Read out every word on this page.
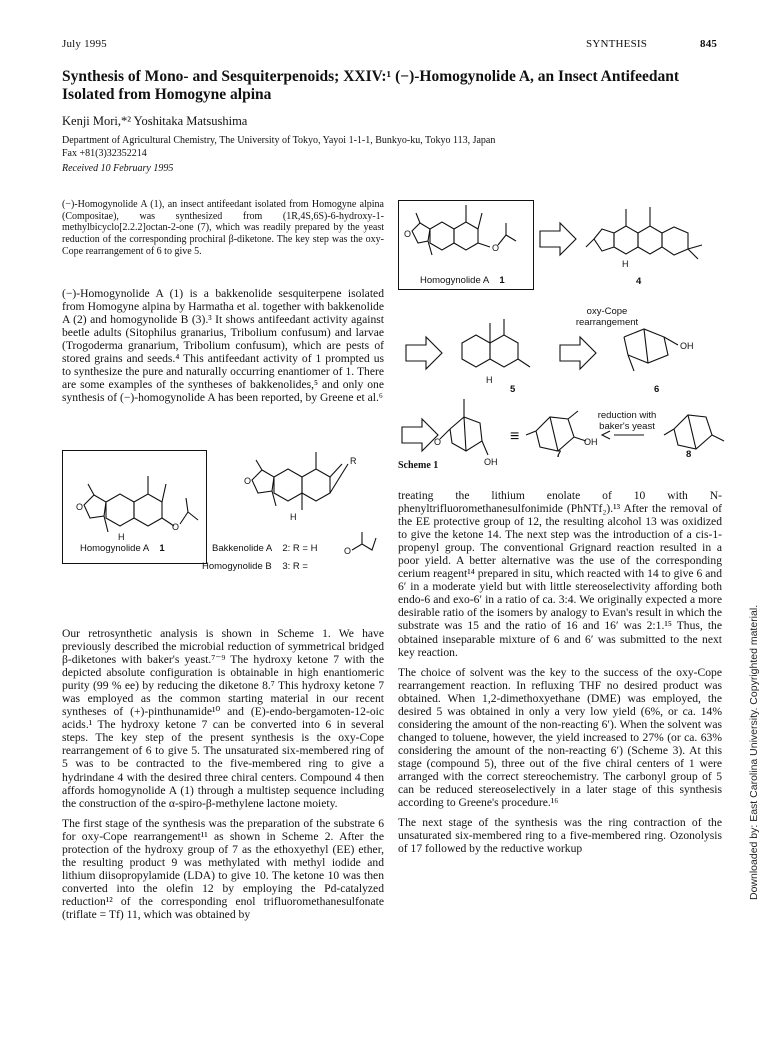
July 1995	SYNTHESIS	845
Synthesis of Mono- and Sesquiterpenoids; XXIV:¹ (−)-Homogynolide A, an Insect Antifeedant Isolated from Homogyne alpina
Kenji Mori,*² Yoshitaka Matsushima
Department of Agricultural Chemistry, The University of Tokyo, Yayoi 1-1-1, Bunkyo-ku, Tokyo 113, Japan
Fax +81(3)32352214
Received 10 February 1995
(−)-Homogynolide A (1), an insect antifeedant isolated from Homogyne alpina (Compositae), was synthesized from (1R,4S,6S)-6-hydroxy-1-methylbicyclo[2.2.2]octan-2-one (7), which was readily prepared by the yeast reduction of the corresponding prochiral β-diketone. The key step was the oxy-Cope rearrangement of 6 to give 5.

(−)-Homogynolide A (1) is a bakkenolide sesquiterpene isolated from Homogyne alpina by Harmatha et al. together with bakkenolide A (2) and homogynolide B (3).³ It shows antifeedant activity against beetle adults (Sitophilus granarius, Tribolium confusum) and larvae (Trogoderma granarium, Tribolium confusum), which are pests of stored grains and seeds.⁴ This antifeedant activity of 1 prompted us to synthesize the pure and naturally occurring enantiomer of 1. There are some examples of the syntheses of bakkenolides,⁵ and only one synthesis of (−)-homogynolide A has been reported, by Greene et al.⁶

O
O
H
O
R
H
O
Homogynolide A 1	Bakkenolide A 2: R = H
Homogynolide B 3: R =

Our retrosynthetic analysis is shown in Scheme 1. We have previously described the microbial reduction of symmetrical bridged β-diketones with baker's yeast.⁷⁻⁹ The hydroxy ketone 7 with the depicted absolute configuration is obtainable in high enantiomeric purity (99 % ee) by reducing the diketone 8.⁷ This hydroxy ketone 7 was employed as the common starting material in our recent syntheses of (+)-pinthunamide¹⁰ and (E)-endo-bergamoten-12-oic acids.¹ The hydroxy ketone 7 can be converted into 6 in several steps. The key step of the present synthesis is the oxy-Cope rearrangement of 6 to give 5. The unsaturated six-membered ring of 5 was to be contracted to the five-membered ring to give a hydrindane 4 with the desired three chiral centers. Compound 4 then affords homogynolide A (1) through a multistep sequence including the construction of the α-spiro-β-methylene lactone moiety.

The first stage of the synthesis was the preparation of the substrate 6 for oxy-Cope rearrangement¹¹ as shown in Scheme 2. After the protection of the hydroxy group of 7 as the ethoxyethyl (EE) ether, the resulting product 9 was methylated with methyl iodide and lithium diisopropylamide (LDA) to give 10. The ketone 10 was then converted into the olefin 12 by employing the Pd-catalyzed reduction¹² of the corresponding enol trifluoromethanesulfonate (triflate = Tf) 11, which was obtained by

O
O
H
H
OH
O
OH
≡	OH
Homogynolide A 1	4
oxy-Cope rearrangement
5	6
reduction with baker's yeast
7	8
Scheme 1

treating the lithium enolate of 10 with N-phenyltrifluoromethanesulfonimide (PhNTf₂).¹³ After the removal of the EE protective group of 12, the resulting alcohol 13 was oxidized to give the ketone 14. The next step was the introduction of a cis-1-propenyl group. The conventional Grignard reaction resulted in a poor yield. A better alternative was the use of the corresponding cerium reagent¹⁴ prepared in situ, which reacted with 14 to give 6 and 6′ in a moderate yield but with little stereoselectivity affording both endo-6 and exo-6′ in a ratio of ca. 3:4. We originally expected a more desirable ratio of the isomers by analogy to Evan's result in which the substrate was 15 and the ratio of 16 and 16′ was 2:1.¹⁵ Thus, the obtained inseparable mixture of 6 and 6′ was submitted to the next key reaction.

The choice of solvent was the key to the success of the oxy-Cope rearrangement reaction. In refluxing THF no desired product was obtained. When 1,2-dimethoxyethane (DME) was employed, the desired 5 was obtained in only a very low yield (6%, or ca. 14% considering the amount of the non-reacting 6′). When the solvent was changed to toluene, however, the yield increased to 27% (or ca. 63% considering the amount of the non-reacting 6′) (Scheme 3). At this stage (compound 5), three out of the five chiral centers of 1 were arranged with the correct stereochemistry. The carbonyl group of 5 can be reduced stereoselectively in a later stage of this synthesis according to Greene's procedure.¹⁶

The next stage of the synthesis was the ring contraction of the unsaturated six-membered ring to a five-membered ring. Ozonolysis of 17 followed by the reductive workup	Downloaded by: East Carolina University. Copyrighted material.
